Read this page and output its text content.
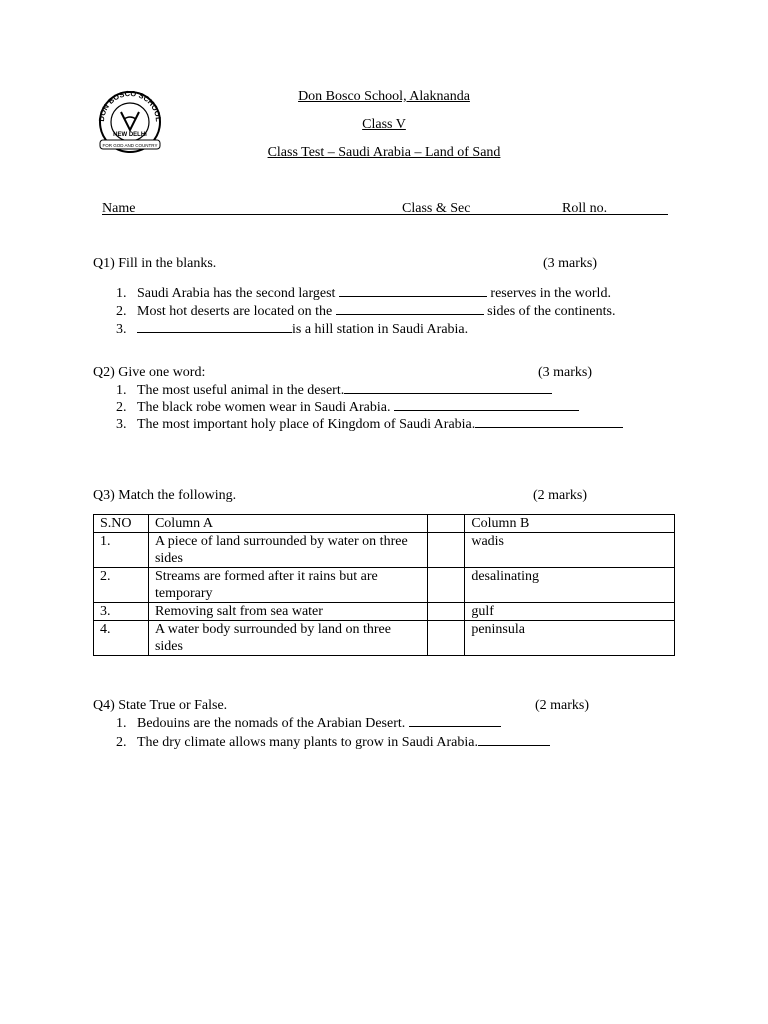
DON BOSCO SCHOOL
NEW DELHI
FOR GOD AND COUNTRY
Don Bosco School, Alaknanda
Class V
Class Test – Saudi Arabia – Land of Sand
Name	Class & Sec	Roll no.
Q1) Fill in the blanks.	(3 marks)
1. Saudi Arabia has the second largest	reserves in the world.
2. Most hot deserts are located on the	sides of the continents.
3.	is a hill station in Saudi Arabia.
Q2) Give one word:	(3 marks)
1. The most useful animal in the desert.
2. The black robe women wear in Saudi Arabia.
3. The most important holy place of Kingdom of Saudi Arabia.
Q3) Match the following.	(2 marks)
S.NO	Column A		Column B
1.	A piece of land surrounded by water on three sides		wadis
2.	Streams are formed after it rains but are temporary		desalinating
3.	Removing salt from sea water		gulf
4.	A water body surrounded by land on three sides		peninsula
Q4) State True or False.	(2 marks)
1. Bedouins are the nomads of the Arabian Desert.
2. The dry climate allows many plants to grow in Saudi Arabia.
